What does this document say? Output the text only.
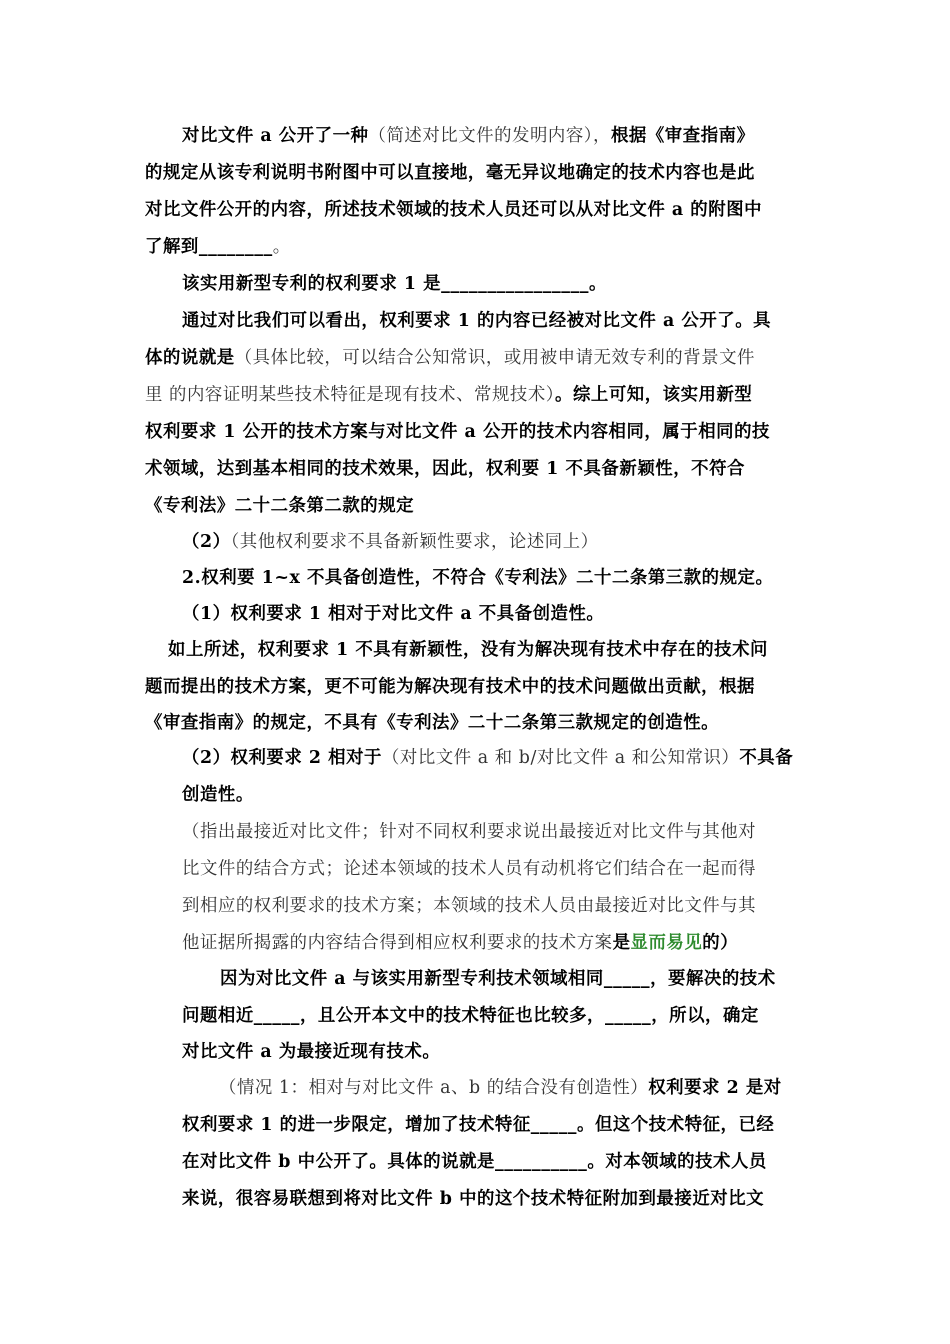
对比文件 a 公开了一种（简述对比文件的发明内容），根据《审查指南》
的规定从该专利说明书附图中可以直接地，毫无异议地确定的技术内容也是此
对比文件公开的内容，所述技术领域的技术人员还可以从对比文件 a 的附图中
了解到________。
该实用新型专利的权利要求 1 是________________。
通过对比我们可以看出，权利要求 1 的内容已经被对比文件 a 公开了。具
体的说就是（具体比较，可以结合公知常识，或用被申请无效专利的背景文件
里 的内容证明某些技术特征是现有技术、常规技术）。综上可知，该实用新型
权利要求 1 公开的技术方案与对比文件 a 公开的技术内容相同，属于相同的技
术领域，达到基本相同的技术效果，因此，权利要 1 不具备新颖性，不符合
《专利法》二十二条第二款的规定
（2）（其他权利要求不具备新颖性要求，论述同上）
2.权利要 1~x 不具备创造性，不符合《专利法》二十二条第三款的规定。
（1）权利要求 1 相对于对比文件 a 不具备创造性。
如上所述，权利要求 1 不具有新颖性，没有为解决现有技术中存在的技术问
题而提出的技术方案，更不可能为解决现有技术中的技术问题做出贡献，根据
《审查指南》的规定，不具有《专利法》二十二条第三款规定的创造性。
（2）权利要求 2 相对于（对比文件 a 和 b/对比文件 a 和公知常识）不具备
创造性。
（指出最接近对比文件；针对不同权利要求说出最接近对比文件与其他对
比文件的结合方式；论述本领域的技术人员有动机将它们结合在一起而得
到相应的权利要求的技术方案；本领域的技术人员由最接近对比文件与其
他证据所揭露的内容结合得到相应权利要求的技术方案是显而易见的）
因为对比文件 a 与该实用新型专利技术领域相同_____，要解决的技术
问题相近_____，且公开本文中的技术特征也比较多，_____，所以，确定
对比文件 a 为最接近现有技术。
（情况 1：相对与对比文件 a、b 的结合没有创造性）权利要求 2 是对
权利要求 1 的进一步限定，增加了技术特征_____。但这个技术特征，已经
在对比文件 b 中公开了。具体的说就是__________。对本领域的技术人员
来说，很容易联想到将对比文件 b 中的这个技术特征附加到最接近对比文
